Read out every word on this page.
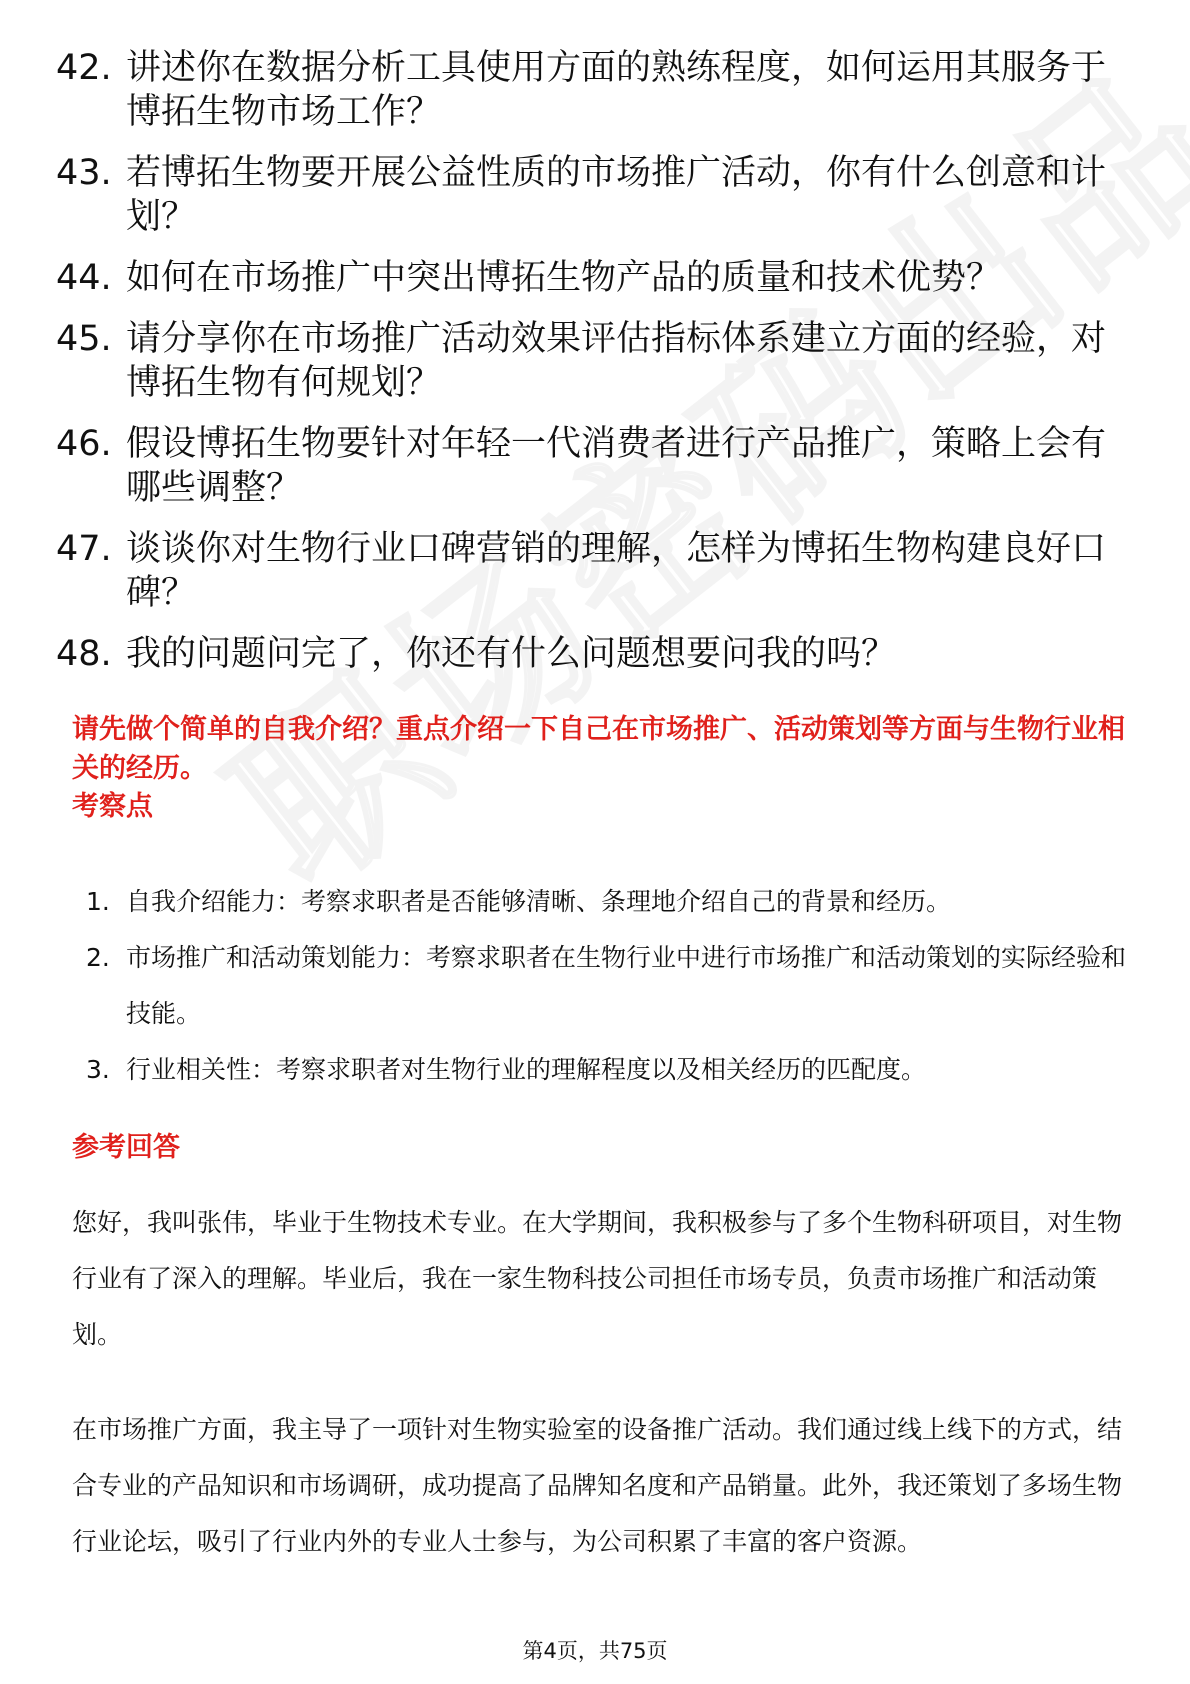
42. 讲述你在数据分析工具使用方面的熟练程度，如何运用其服务于博拓生物市场工作？
43. 若博拓生物要开展公益性质的市场推广活动，你有什么创意和计划？
44. 如何在市场推广中突出博拓生物产品的质量和技术优势？
45. 请分享你在市场推广活动效果评估指标体系建立方面的经验，对博拓生物有何规划？
46. 假设博拓生物要针对年轻一代消费者进行产品推广，策略上会有哪些调整？
47. 谈谈你对生物行业口碑营销的理解，怎样为博拓生物构建良好口碑？
48. 我的问题问完了，你还有什么问题想要问我的吗？
请先做个简单的自我介绍？重点介绍一下自己在市场推广、活动策划等方面与生物行业相关的经历。
考察点
1. 自我介绍能力：考察求职者是否能够清晰、条理地介绍自己的背景和经历。
2. 市场推广和活动策划能力：考察求职者在生物行业中进行市场推广和活动策划的实际经验和技能。
3. 行业相关性：考察求职者对生物行业的理解程度以及相关经历的匹配度。
参考回答
您好，我叫张伟，毕业于生物技术专业。在大学期间，我积极参与了多个生物科研项目，对生物行业有了深入的理解。毕业后，我在一家生物科技公司担任市场专员，负责市场推广和活动策划。
在市场推广方面，我主导了一项针对生物实验室的设备推广活动。我们通过线上线下的方式，结合专业的产品知识和市场调研，成功提高了品牌知名度和产品销量。此外，我还策划了多场生物行业论坛，吸引了行业内外的专业人士参与，为公司积累了丰富的客户资源。
第4页，共75页
